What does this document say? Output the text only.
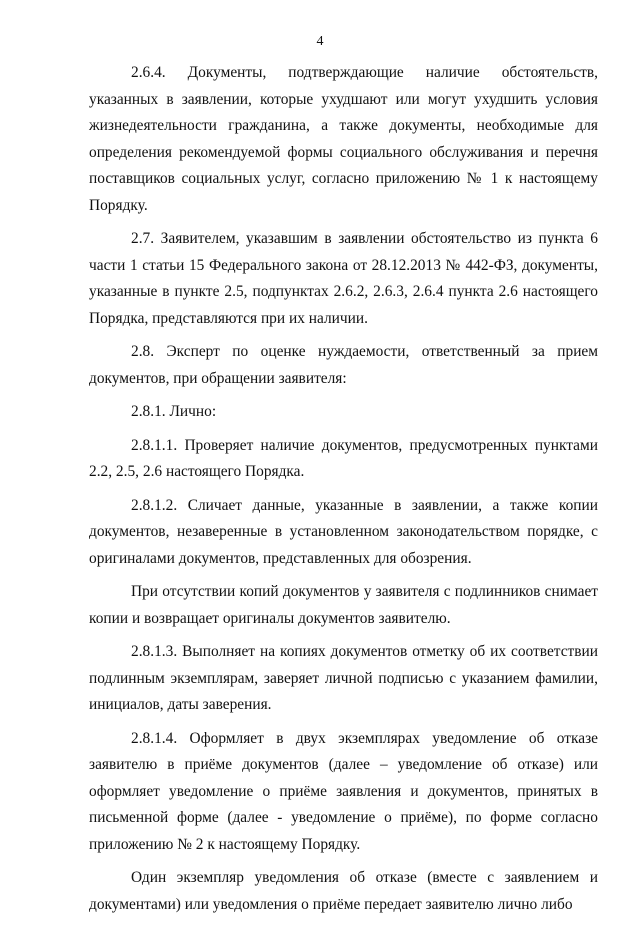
4

2.6.4. Документы, подтверждающие наличие обстоятельств, указанных в заявлении, которые ухудшают или могут ухудшить условия жизнедеятельности гражданина, а также документы, необходимые для определения рекомендуемой формы социального обслуживания и перечня поставщиков социальных услуг, согласно приложению № 1 к настоящему Порядку.

2.7. Заявителем, указавшим в заявлении обстоятельство из пункта 6 части 1 статьи 15 Федерального закона от 28.12.2013 № 442-ФЗ, документы, указанные в пункте 2.5, подпунктах 2.6.2, 2.6.3, 2.6.4 пункта 2.6 настоящего Порядка, представляются при их наличии.

2.8. Эксперт по оценке нуждаемости, ответственный за прием документов, при обращении заявителя:

2.8.1. Лично:

2.8.1.1. Проверяет наличие документов, предусмотренных пунктами 2.2, 2.5, 2.6 настоящего Порядка.

2.8.1.2. Сличает данные, указанные в заявлении, а также копии документов, незаверенные в установленном законодательством порядке, с оригиналами документов, представленных для обозрения.

При отсутствии копий документов у заявителя с подлинников снимает копии и возвращает оригиналы документов заявителю.

2.8.1.3. Выполняет на копиях документов отметку об их соответствии подлинным экземплярам, заверяет личной подписью с указанием фамилии, инициалов, даты заверения.

2.8.1.4. Оформляет в двух экземплярах уведомление об отказе заявителю в приёме документов (далее – уведомление об отказе) или оформляет уведомление о приёме заявления и документов, принятых в письменной форме (далее - уведомление о приёме), по форме согласно приложению № 2 к настоящему Порядку.

Один экземпляр уведомления об отказе (вместе с заявлением и документами) или уведомления о приёме передает заявителю лично либо
